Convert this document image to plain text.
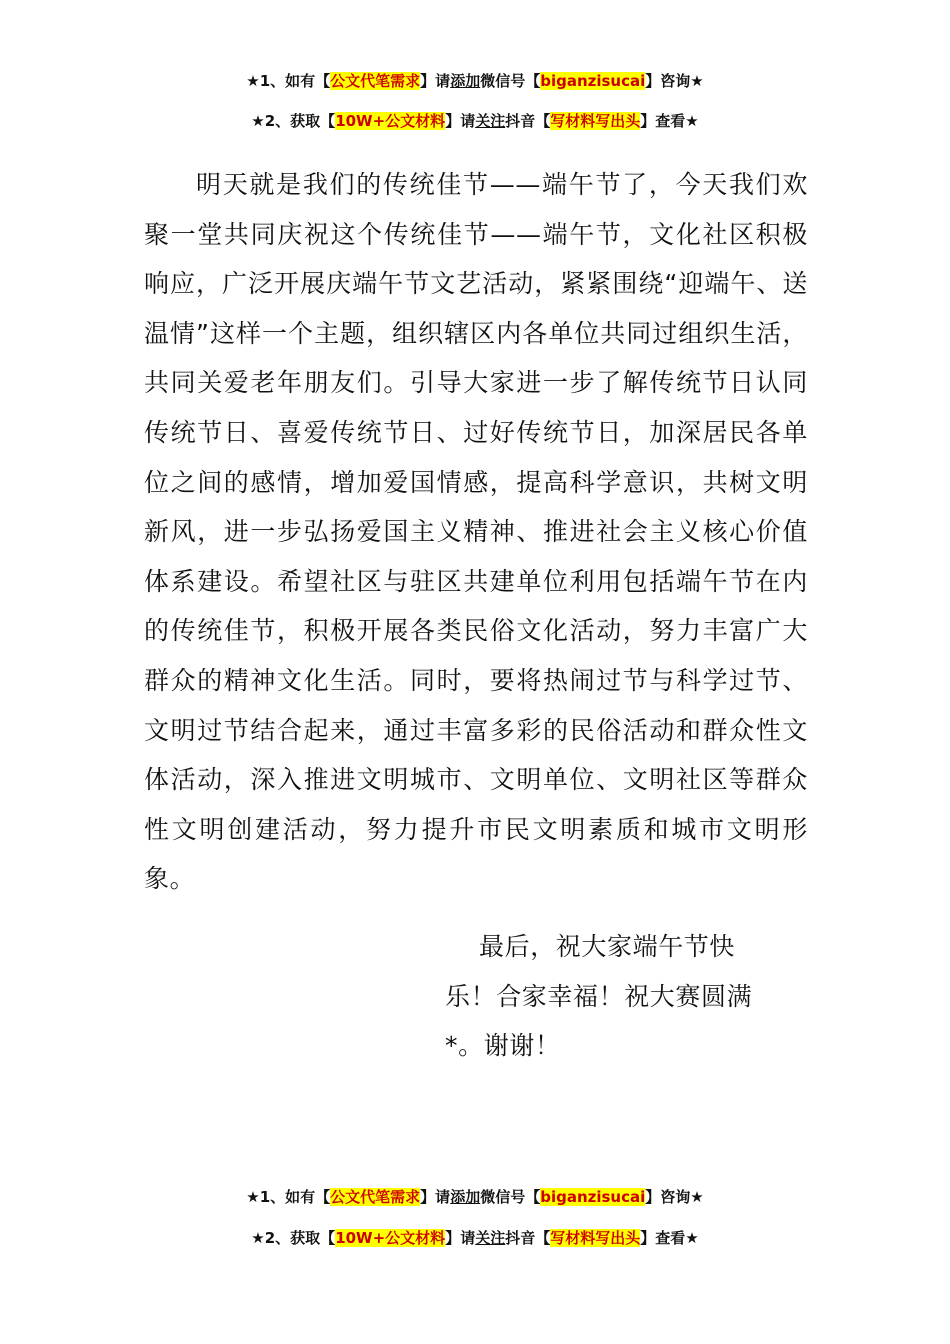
★1、如有【公文代笔需求】请添加微信号【biganzisucai】咨询★
★2、获取【10W+公文材料】请关注抖音【写材料写出头】查看★

明天就是我们的传统佳节——端午节了，今天我们欢聚一堂共同庆祝这个传统佳节——端午节，文化社区积极响应，广泛开展庆端午节文艺活动，紧紧围绕“迎端午、送温情”这样一个主题，组织辖区内各单位共同过组织生活，共同关爱老年朋友们。引导大家进一步了解传统节日认同传统节日、喜爱传统节日、过好传统节日，加深居民各单位之间的感情，增加爱国情感，提高科学意识，共树文明新风，进一步弘扬爱国主义精神、推进社会主义核心价值体系建设。希望社区与驻区共建单位利用包括端午节在内的传统佳节，积极开展各类民俗文化活动，努力丰富广大群众的精神文化生活。同时，要将热闹过节与科学过节、文明过节结合起来，通过丰富多彩的民俗活动和群众性文体活动，深入推进文明城市、文明单位、文明社区等群众性文明创建活动，努力提升市民文明素质和城市文明形象。

最后，祝大家端午节快乐！合家幸福！祝大赛圆满*。谢谢！

★1、如有【公文代笔需求】请添加微信号【biganzisucai】咨询★
★2、获取【10W+公文材料】请关注抖音【写材料写出头】查看★
